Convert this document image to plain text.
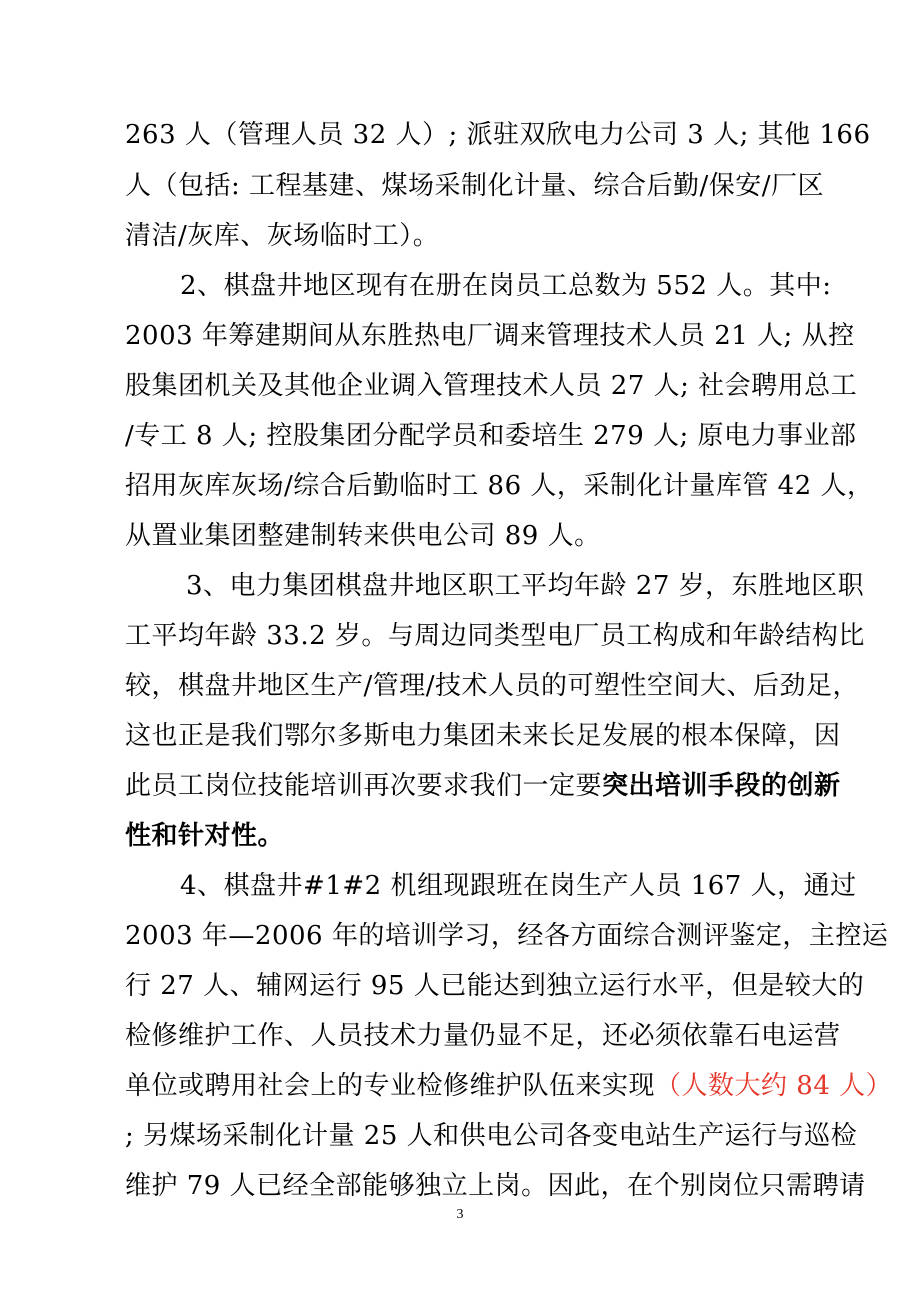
263 人（管理人员 32 人）; 派驻双欣电力公司 3 人; 其他 166
人（包括: 工程基建、煤场采制化计量、综合后勤/保安/厂区
清洁/灰库、灰场临时工）。
2、棋盘井地区现有在册在岗员工总数为 552 人。其中:
2003 年筹建期间从东胜热电厂调来管理技术人员 21 人; 从控
股集团机关及其他企业调入管理技术人员 27 人; 社会聘用总工
/专工 8 人; 控股集团分配学员和委培生 279 人; 原电力事业部
招用灰库灰场/综合后勤临时工 86 人，采制化计量库管 42 人，
从置业集团整建制转来供电公司 89 人。
3、电力集团棋盘井地区职工平均年龄 27 岁，东胜地区职
工平均年龄 33.2 岁。与周边同类型电厂员工构成和年龄结构比
较，棋盘井地区生产/管理/技术人员的可塑性空间大、后劲足，
这也正是我们鄂尔多斯电力集团未来长足发展的根本保障，因
此员工岗位技能培训再次要求我们一定要突出培训手段的创新
性和针对性。
4、棋盘井#1#2 机组现跟班在岗生产人员 167 人，通过
2003 年—2006 年的培训学习，经各方面综合测评鉴定，主控运
行 27 人、辅网运行 95 人已能达到独立运行水平，但是较大的
检修维护工作、人员技术力量仍显不足，还必须依靠石电运营
单位或聘用社会上的专业检修维护队伍来实现（人数大约 84 人）
; 另煤场采制化计量 25 人和供电公司各变电站生产运行与巡检
维护 79 人已经全部能够独立上岗。因此，在个别岗位只需聘请
3
